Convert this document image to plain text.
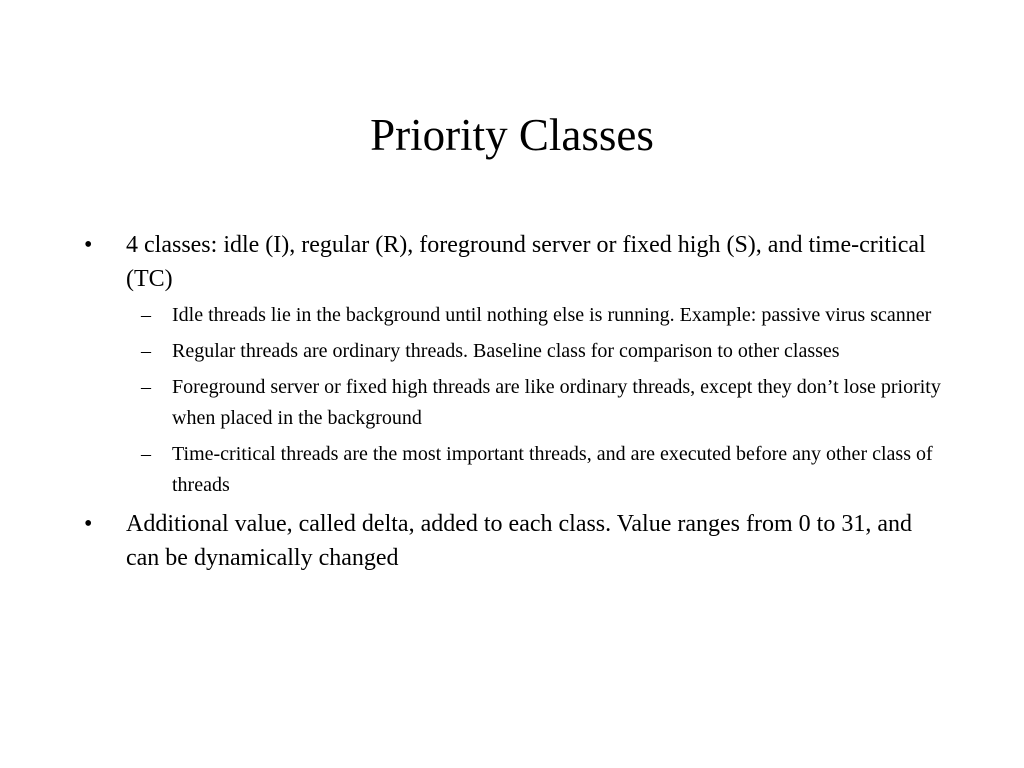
Priority Classes
•	4 classes: idle (I), regular (R), foreground server or fixed high (S), and time-critical (TC)
–	Idle threads lie in the background until nothing else is running. Example: passive virus scanner
–	Regular threads are ordinary threads. Baseline class for comparison to other classes
–	Foreground server or fixed high threads are like ordinary threads, except they don’t lose priority when placed in the background
–	Time-critical threads are the most important threads, and are executed before any other class of threads
•	Additional value, called delta, added to each class. Value ranges from 0 to 31, and can be dynamically changed
